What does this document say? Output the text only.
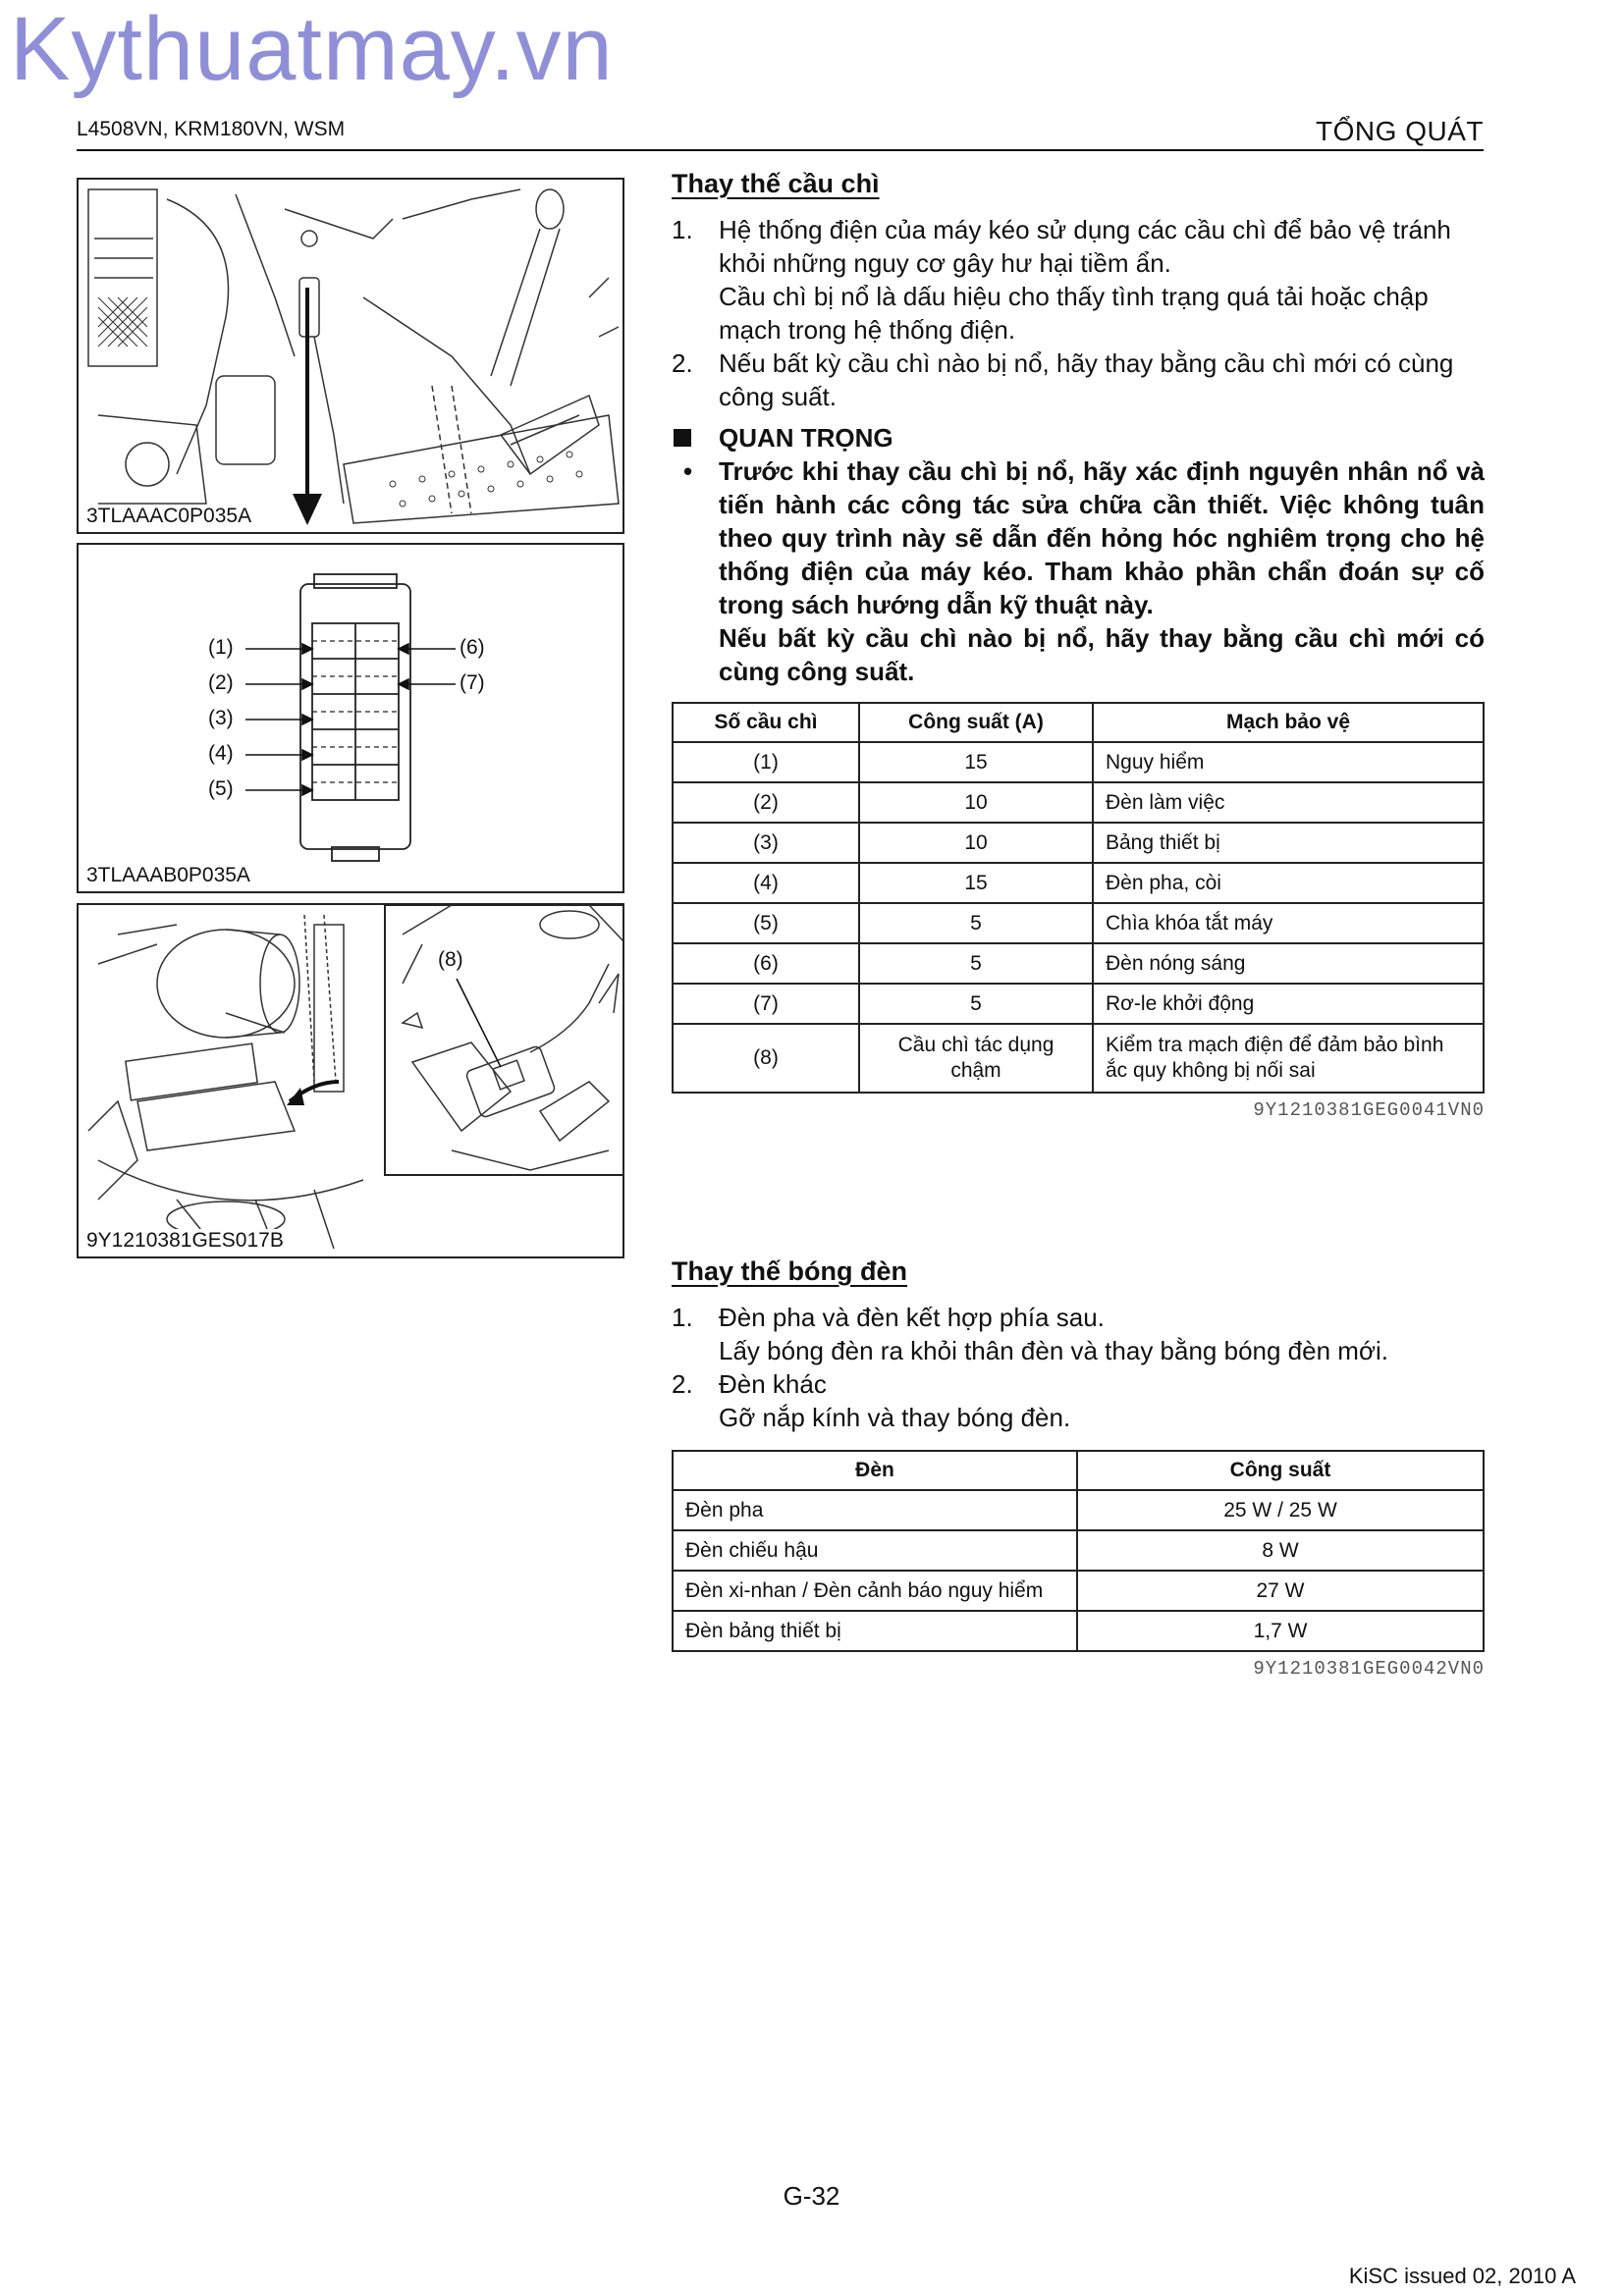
Kythuatmay.vn
L4508VN, KRM180VN, WSM	TỔNG QUÁT
3TLAAAC0P035A
(1)
(2)
(3)
(4)
(5)
(6)
(7)
3TLAAAB0P035A
(8)
9Y1210381GES017B
Thay thế cầu chì
1. Hệ thống điện của máy kéo sử dụng các cầu chì để bảo vệ tránh khỏi những nguy cơ gây hư hại tiềm ẩn.
Cầu chì bị nổ là dấu hiệu cho thấy tình trạng quá tải hoặc chập mạch trong hệ thống điện.
2. Nếu bất kỳ cầu chì nào bị nổ, hãy thay bằng cầu chì mới có cùng công suất.
QUAN TRỌNG
• Trước khi thay cầu chì bị nổ, hãy xác định nguyên nhân nổ và tiến hành các công tác sửa chữa cần thiết. Việc không tuân theo quy trình này sẽ dẫn đến hỏng hóc nghiêm trọng cho hệ thống điện của máy kéo. Tham khảo phần chẩn đoán sự cố trong sách hướng dẫn kỹ thuật này.
Nếu bất kỳ cầu chì nào bị nổ, hãy thay bằng cầu chì mới có cùng công suất.
Số cầu chì	Công suất (A)	Mạch bảo vệ
(1)	15	Nguy hiểm
(2)	10	Đèn làm việc
(3)	10	Bảng thiết bị
(4)	15	Đèn pha, còi
(5)	5	Chìa khóa tắt máy
(6)	5	Đèn nóng sáng
(7)	5	Rơ-le khởi động
(8)	Cầu chì tác dụng chậm	Kiểm tra mạch điện để đảm bảo bình ắc quy không bị nối sai
9Y1210381GEG0041VN0
Thay thế bóng đèn
1. Đèn pha và đèn kết hợp phía sau.
Lấy bóng đèn ra khỏi thân đèn và thay bằng bóng đèn mới.
2. Đèn khác
Gỡ nắp kính và thay bóng đèn.
Đèn	Công suất
Đèn pha	25 W / 25 W
Đèn chiếu hậu	8 W
Đèn xi-nhan / Đèn cảnh báo nguy hiểm	27 W
Đèn bảng thiết bị	1,7 W
9Y1210381GEG0042VN0
G-32
KiSC issued 02, 2010 A
